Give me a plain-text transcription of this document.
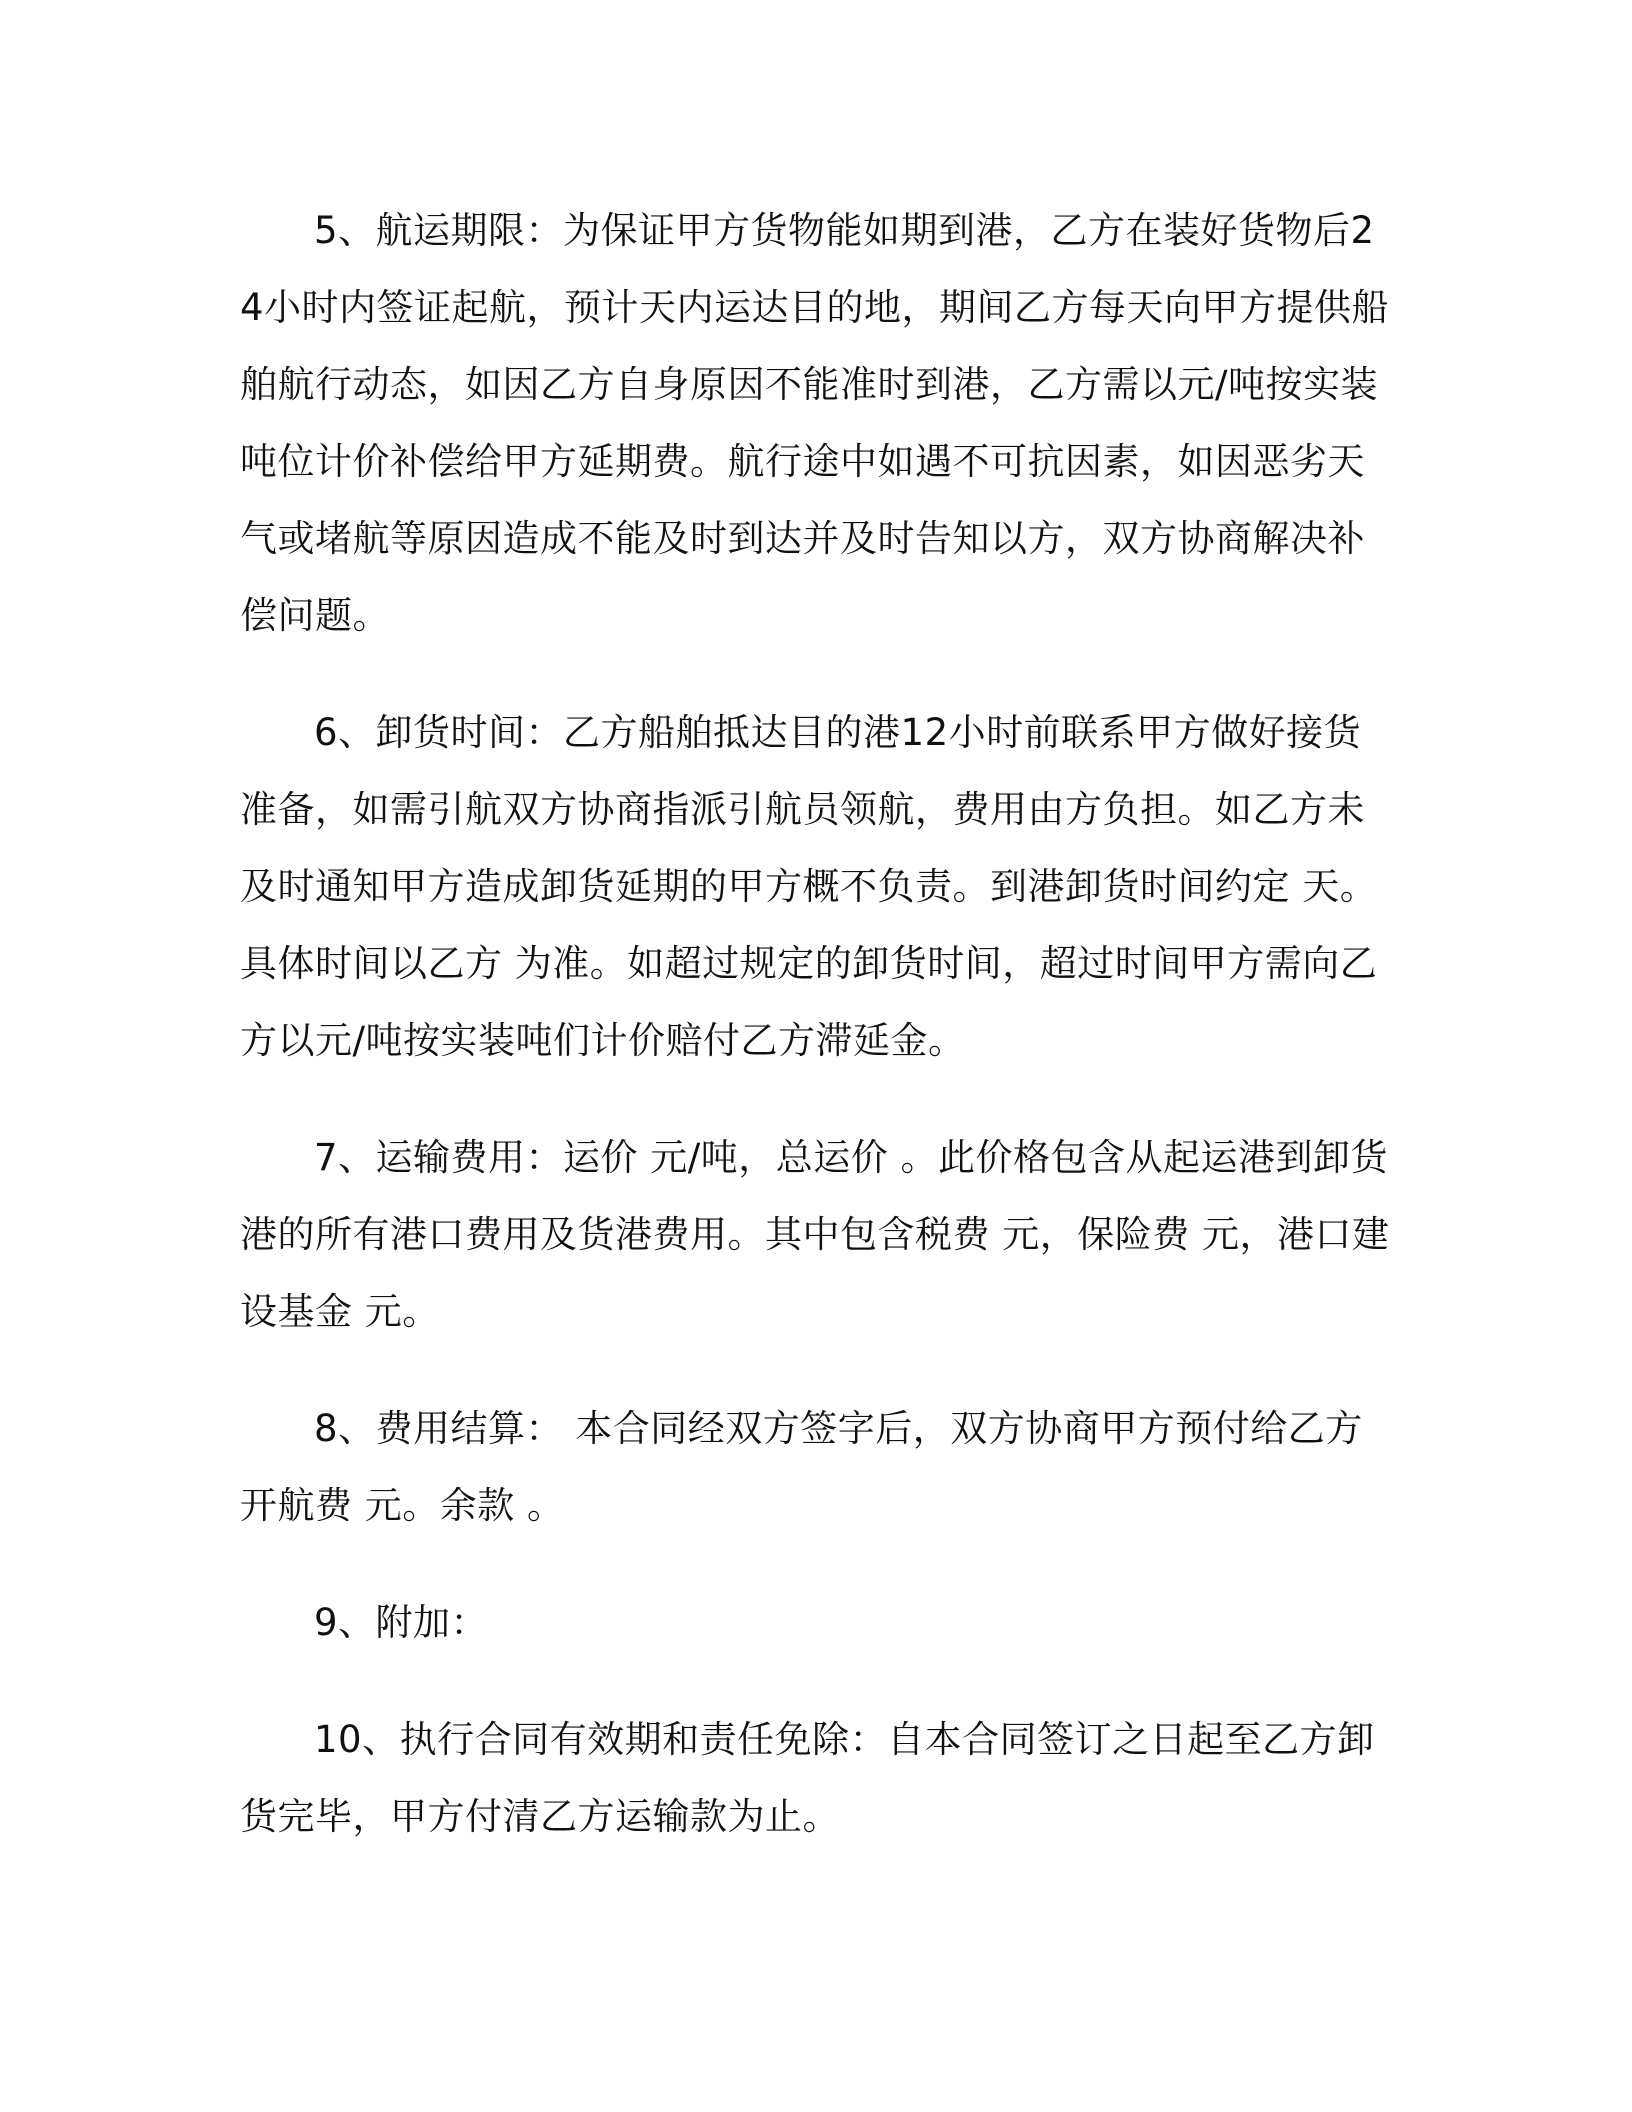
5、航运期限：为保证甲方货物能如期到港，乙方在装好货物后24小时内签证起航，预计天内运达目的地，期间乙方每天向甲方提供船舶航行动态，如因乙方自身原因不能准时到港，乙方需以元/吨按实装吨位计价补偿给甲方延期费。航行途中如遇不可抗因素，如因恶劣天气或堵航等原因造成不能及时到达并及时告知以方，双方协商解决补偿问题。

6、卸货时间：乙方船舶抵达目的港12小时前联系甲方做好接货准备，如需引航双方协商指派引航员领航，费用由方负担。如乙方未及时通知甲方造成卸货延期的甲方概不负责。到港卸货时间约定 天。具体时间以乙方 为准。如超过规定的卸货时间，超过时间甲方需向乙方以元/吨按实装吨们计价赔付乙方滞延金。

7、运输费用：运价 元/吨，总运价 。此价格包含从起运港到卸货港的所有港口费用及货港费用。其中包含税费 元，保险费 元，港口建设基金 元。

8、费用结算： 本合同经双方签字后，双方协商甲方预付给乙方开航费 元。余款 。

9、附加：

10、执行合同有效期和责任免除：自本合同签订之日起至乙方卸货完毕，甲方付清乙方运输款为止。
